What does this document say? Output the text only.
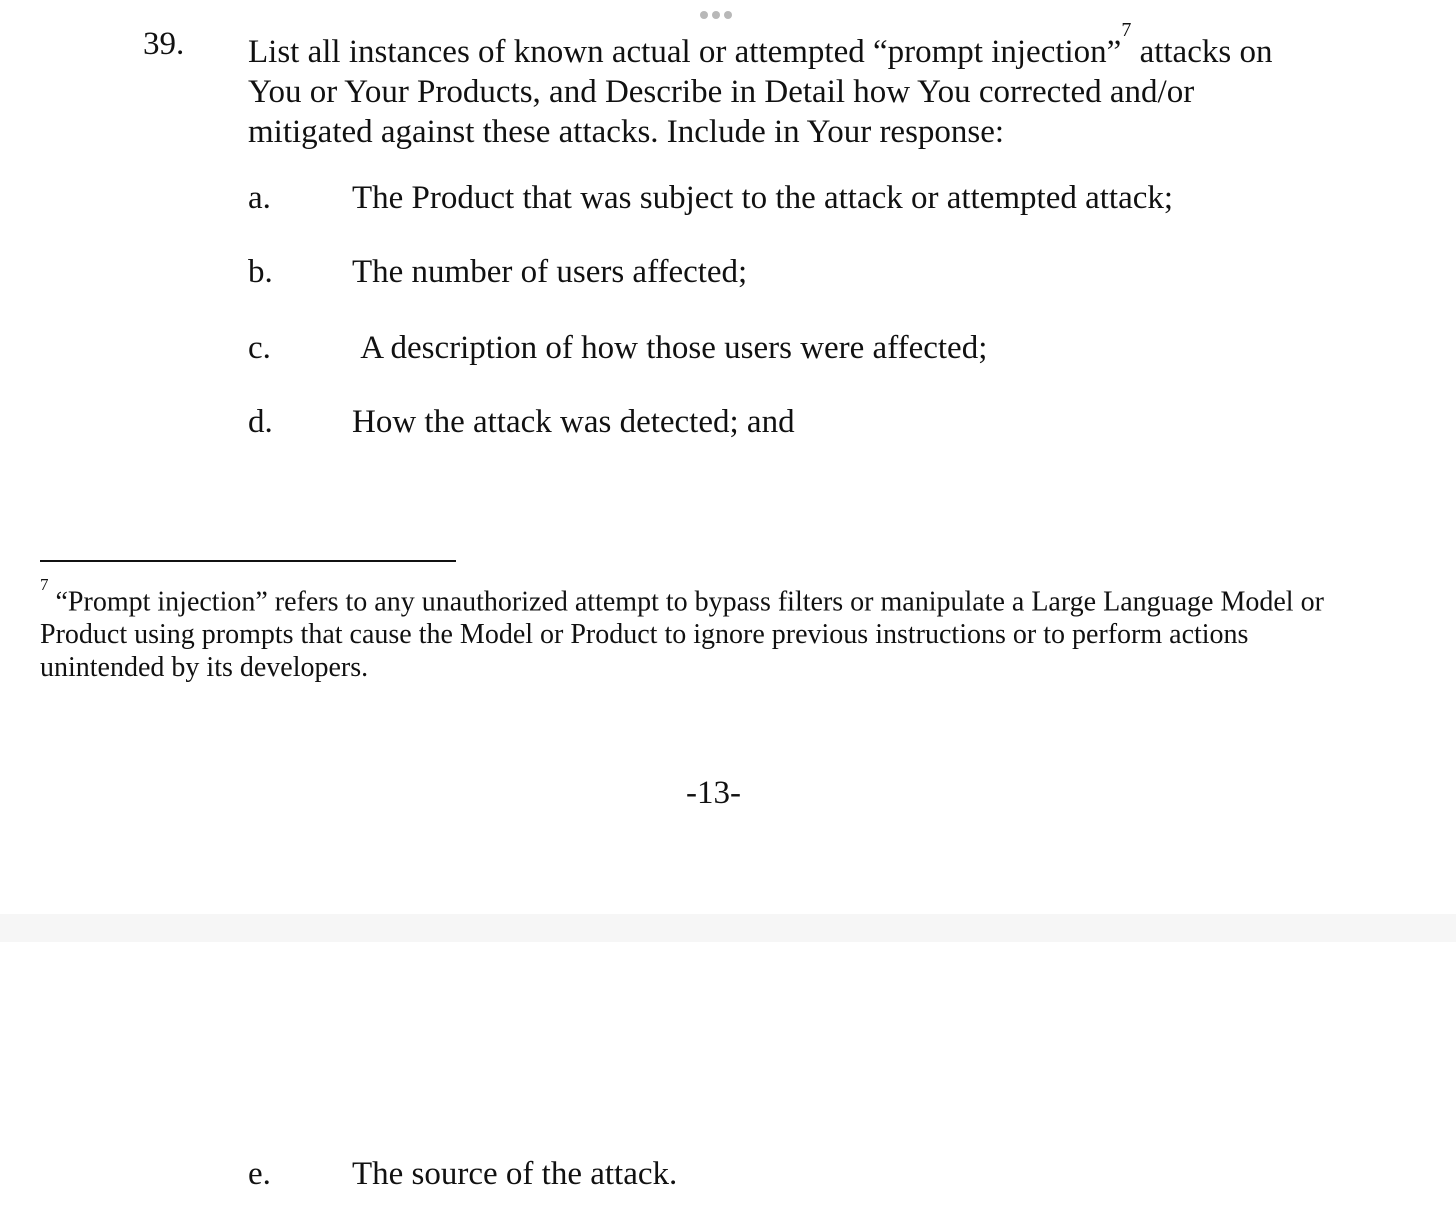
39. List all instances of known actual or attempted “prompt injection”$^7$ attacks on
You or Your Products, and Describe in Detail how You corrected and/or
mitigated against these attacks. Include in Your response:
a. The Product that was subject to the attack or attempted attack;
b. The number of users affected;
c. A description of how those users were affected;
d. How the attack was detected; and
$^7$ “Prompt injection” refers to any unauthorized attempt to bypass filters or manipulate a Large Language Model or
Product using prompts that cause the Model or Product to ignore previous instructions or to perform actions
unintended by its developers.
-13-
e. The source of the attack.
